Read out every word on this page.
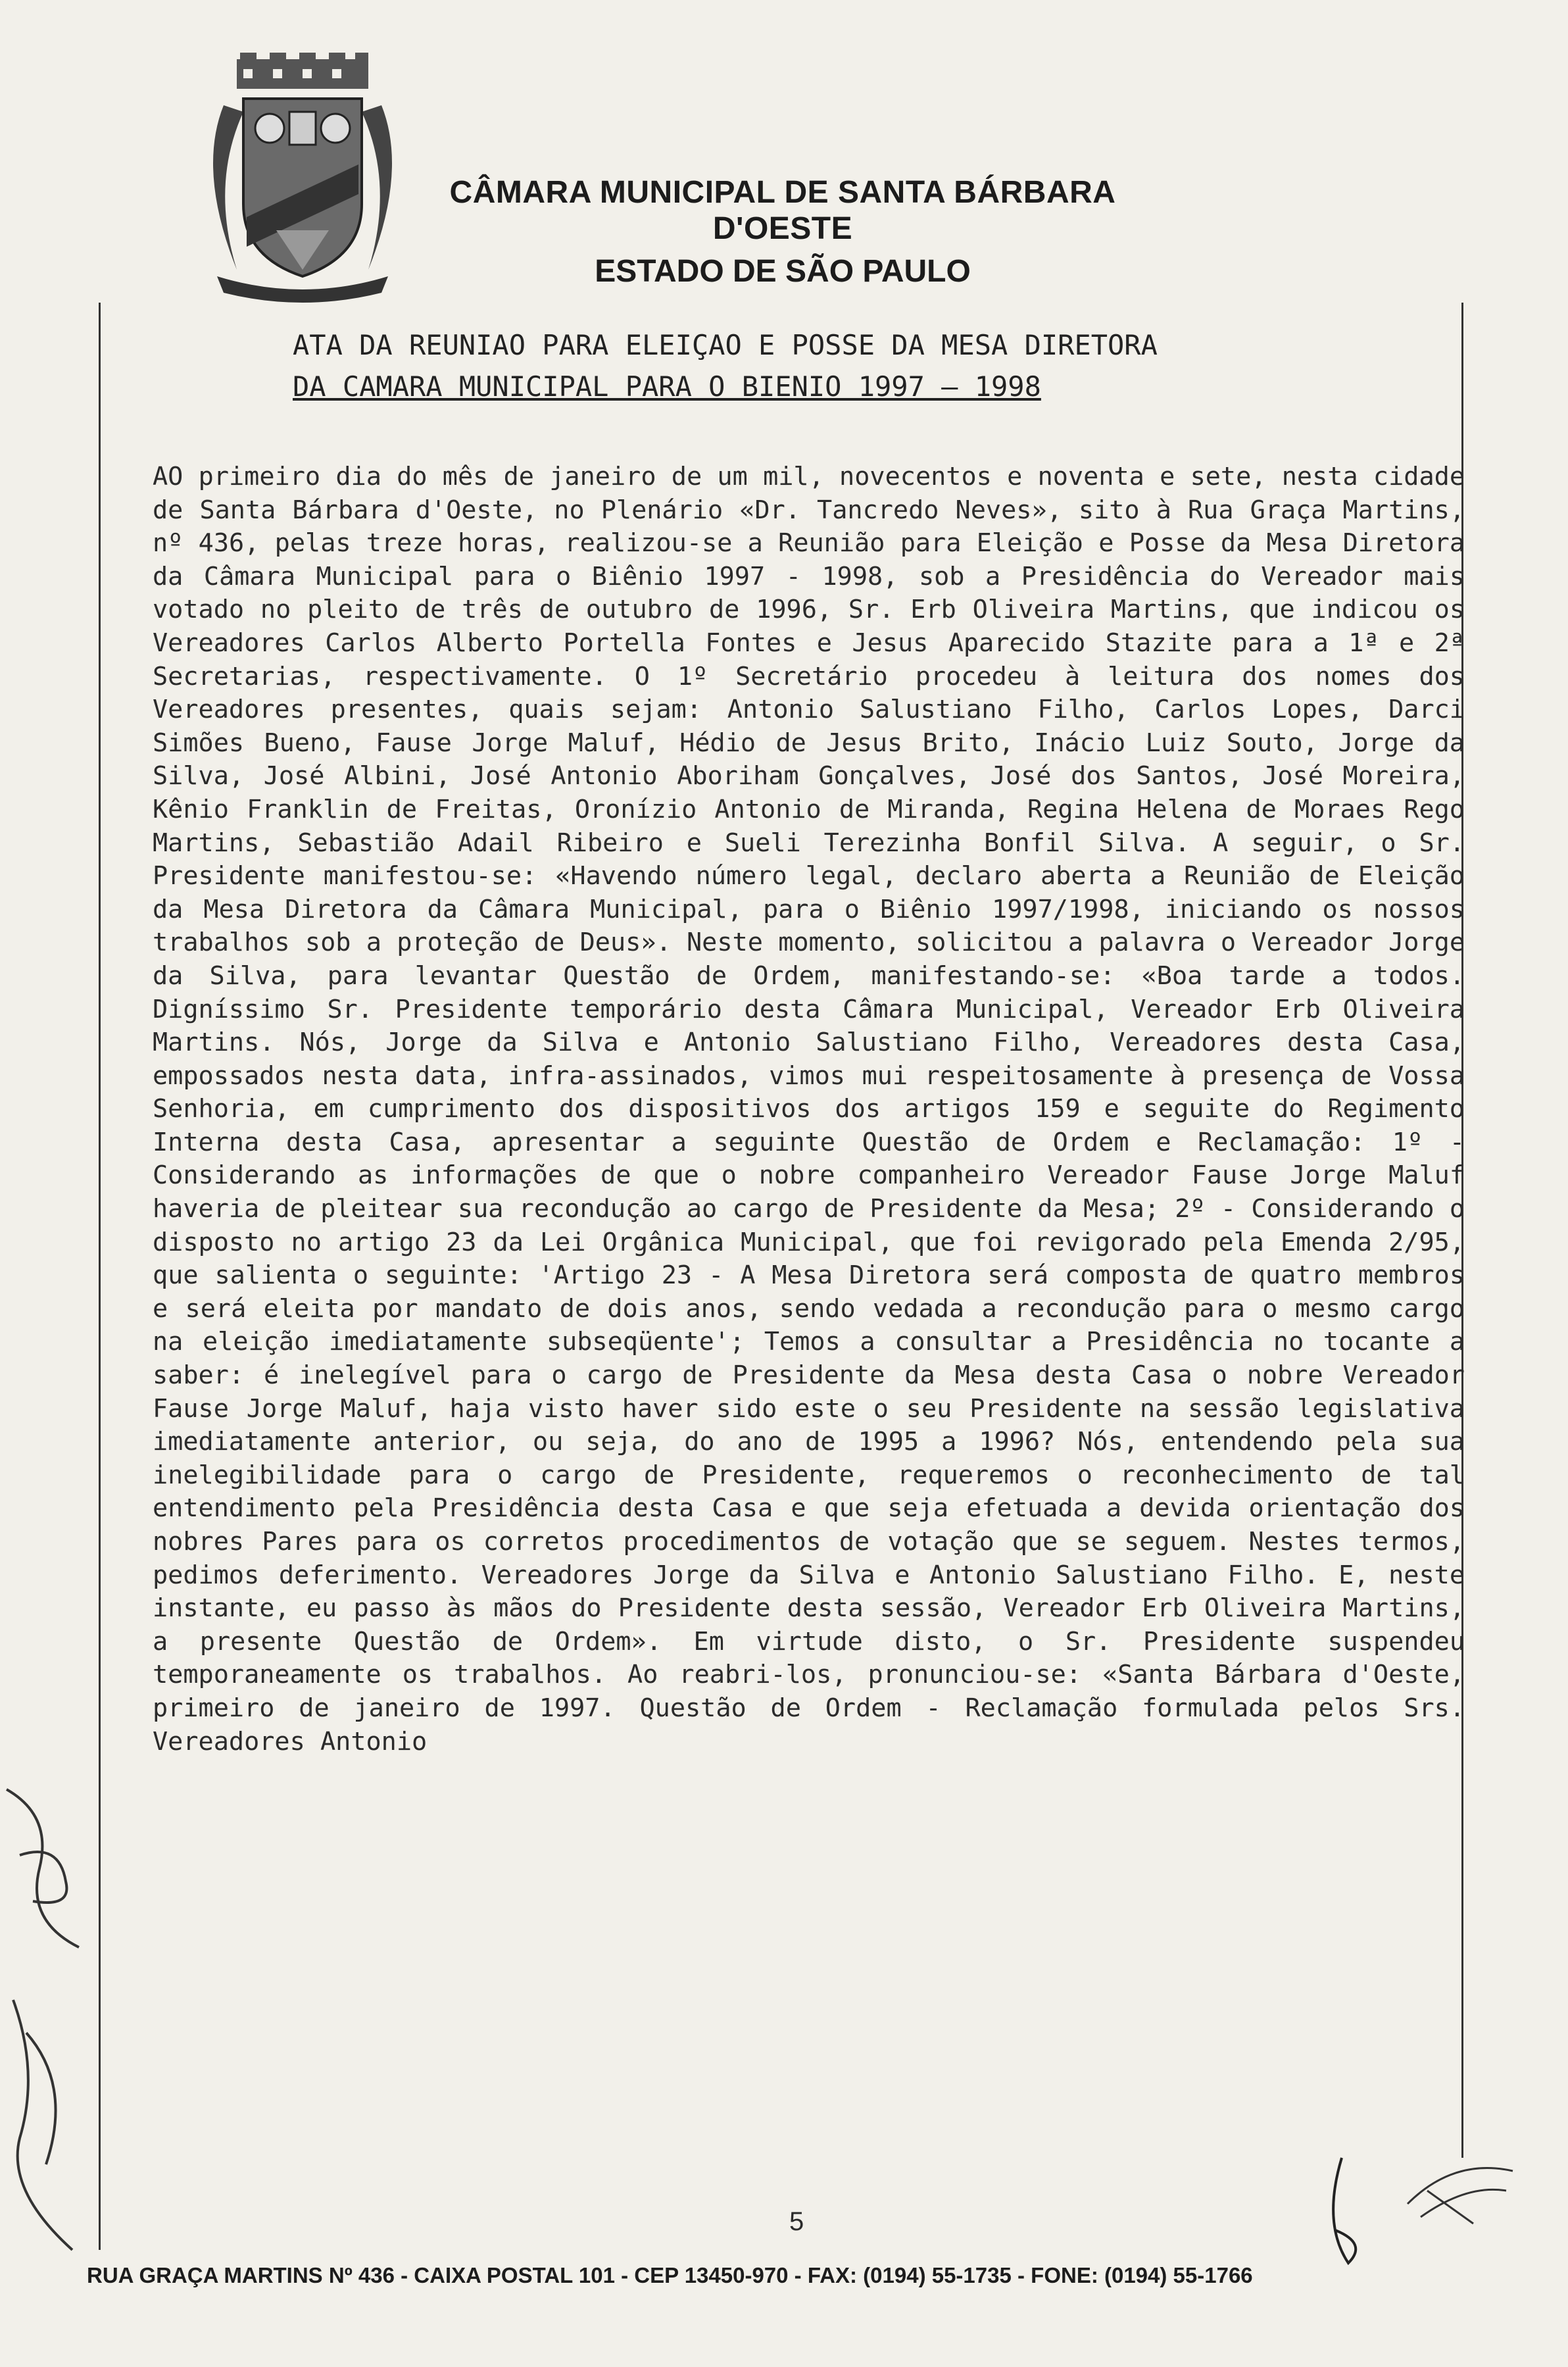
CÂMARA MUNICIPAL DE SANTA BÁRBARA D'OESTE
ESTADO DE SÃO PAULO
ATA DA REUNIAO PARA ELEIÇAO E POSSE DA MESA DIRETORA
DA CAMARA MUNICIPAL PARA O BIENIO 1997 — 1998
AO primeiro dia do mês de janeiro de um mil, novecentos e noventa e sete, nesta cidade de Santa Bárbara d'Oeste, no Plenário «Dr. Tancredo Neves», sito à Rua Graça Martins, nº 436, pelas treze horas, realizou-se a Reunião para Eleição e Posse da Mesa Diretora da Câmara Municipal para o Biênio 1997 - 1998, sob a Presidência do Vereador mais votado no pleito de três de outubro de 1996, Sr. Erb Oliveira Martins, que indicou os Vereadores Carlos Alberto Portella Fontes e Jesus Aparecido Stazite para a 1ª e 2ª Secretarias, respectivamente. O 1º Secretário procedeu à leitura dos nomes dos Vereadores presentes, quais sejam: Antonio Salustiano Filho, Carlos Lopes, Darci Simões Bueno, Fause Jorge Maluf, Hédio de Jesus Brito, Inácio Luiz Souto, Jorge da Silva, José Albini, José Antonio Aboriham Gonçalves, José dos Santos, José Moreira, Kênio Franklin de Freitas, Oronízio Antonio de Miranda, Regina Helena de Moraes Rego Martins, Sebastião Adail Ribeiro e Sueli Terezinha Bonfil Silva. A seguir, o Sr. Presidente manifestou-se: «Havendo número legal, declaro aberta a Reunião de Eleição da Mesa Diretora da Câmara Municipal, para o Biênio 1997/1998, iniciando os nossos trabalhos sob a proteção de Deus». Neste momento, solicitou a palavra o Vereador Jorge da Silva, para levantar Questão de Ordem, manifestando-se: «Boa tarde a todos. Digníssimo Sr. Presidente temporário desta Câmara Municipal, Vereador Erb Oliveira Martins. Nós, Jorge da Silva e Antonio Salustiano Filho, Vereadores desta Casa, empossados nesta data, infra-assinados, vimos mui respeitosamente à presença de Vossa Senhoria, em cumprimento dos dispositivos dos artigos 159 e seguite do Regimento Interna desta Casa, apresentar a seguinte Questão de Ordem e Reclamação: 1º - Considerando as informações de que o nobre companheiro Vereador Fause Jorge Maluf haveria de pleitear sua recondução ao cargo de Presidente da Mesa; 2º - Considerando o disposto no artigo 23 da Lei Orgânica Municipal, que foi revigorado pela Emenda 2/95, que salienta o seguinte: 'Artigo 23 - A Mesa Diretora será composta de quatro membros e será eleita por mandato de dois anos, sendo vedada a recondução para o mesmo cargo na eleição imediatamente subseqüente'; Temos a consultar a Presidência no tocante a saber: é inelegível para o cargo de Presidente da Mesa desta Casa o nobre Vereador Fause Jorge Maluf, haja visto haver sido este o seu Presidente na sessão legislativa imediatamente anterior, ou seja, do ano de 1995 a 1996? Nós, entendendo pela sua inelegibilidade para o cargo de Presidente, requeremos o reconhecimento de tal entendimento pela Presidência desta Casa e que seja efetuada a devida orientação dos nobres Pares para os corretos procedimentos de votação que se seguem. Nestes termos, pedimos deferimento. Vereadores Jorge da Silva e Antonio Salustiano Filho. E, neste instante, eu passo às mãos do Presidente desta sessão, Vereador Erb Oliveira Martins, a presente Questão de Ordem». Em virtude disto, o Sr. Presidente suspendeu temporaneamente os trabalhos. Ao reabri-los, pronunciou-se: «Santa Bárbara d'Oeste, primeiro de janeiro de 1997. Questão de Ordem - Reclamação formulada pelos Srs. Vereadores Antonio
5
RUA GRAÇA MARTINS Nº 436 - CAIXA POSTAL 101 - CEP 13450-970 - FAX: (0194) 55-1735 - FONE: (0194) 55-1766
